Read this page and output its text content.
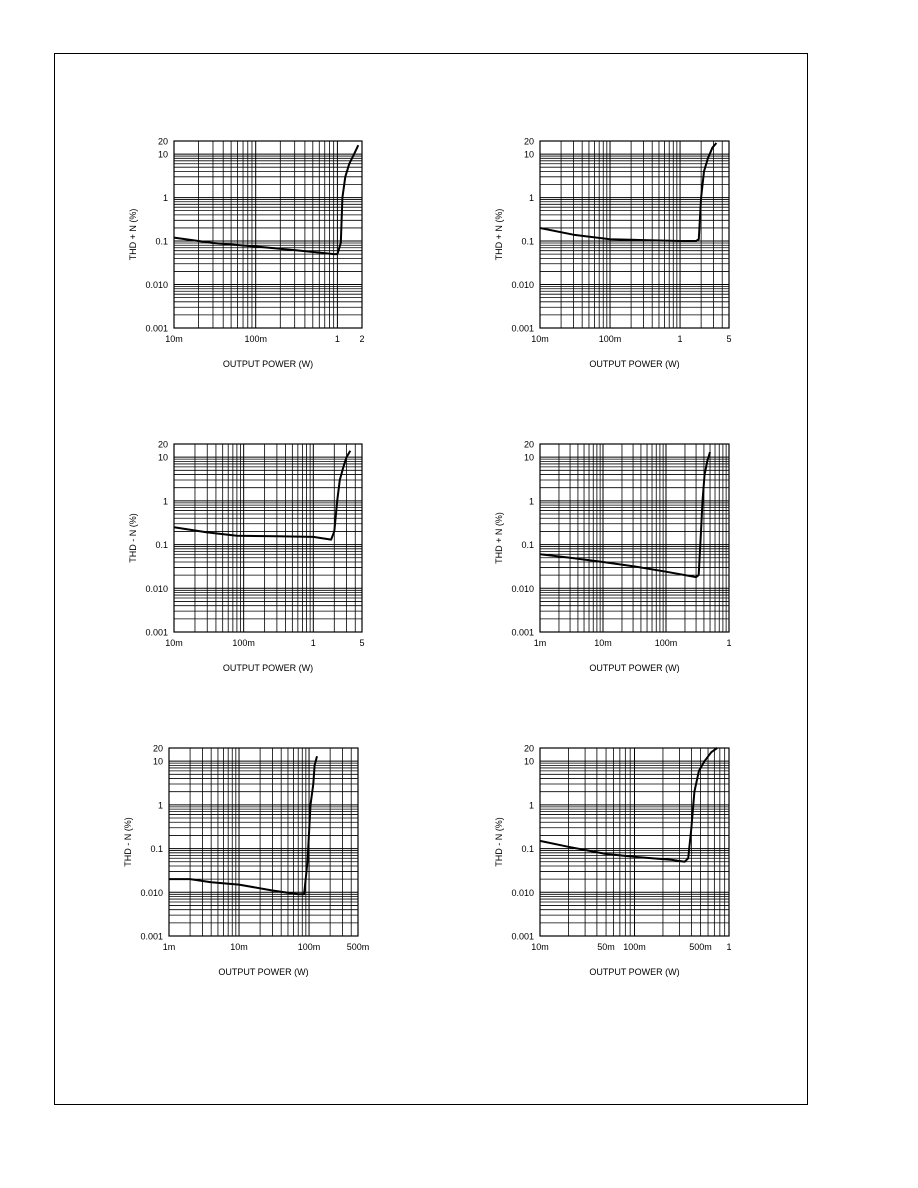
0.001
0.010
0.1
1
10
20
10m	100m	1 2
OUTPUT POWER (W)
THD + N (%)
0.001
0.010
0.1
1
10
20
10m	100m	1	5
OUTPUT POWER (W)
THD + N (%)
0.001
0.010
0.1
1
10
20
10m	100m	1	5
OUTPUT POWER (W)
THD - N (%)
0.001
0.010
0.1
1
10
20
1m	10m	100m	1
OUTPUT POWER (W)
THD + N (%)
0.001
0.010
0.1
1
10
20
1m	10m	100m	500m
OUTPUT POWER (W)
THD - N (%)
0.001
0.010
0.1
1
10
20
10m	50m 100m	500m 1
OUTPUT POWER (W)
THD - N (%)
